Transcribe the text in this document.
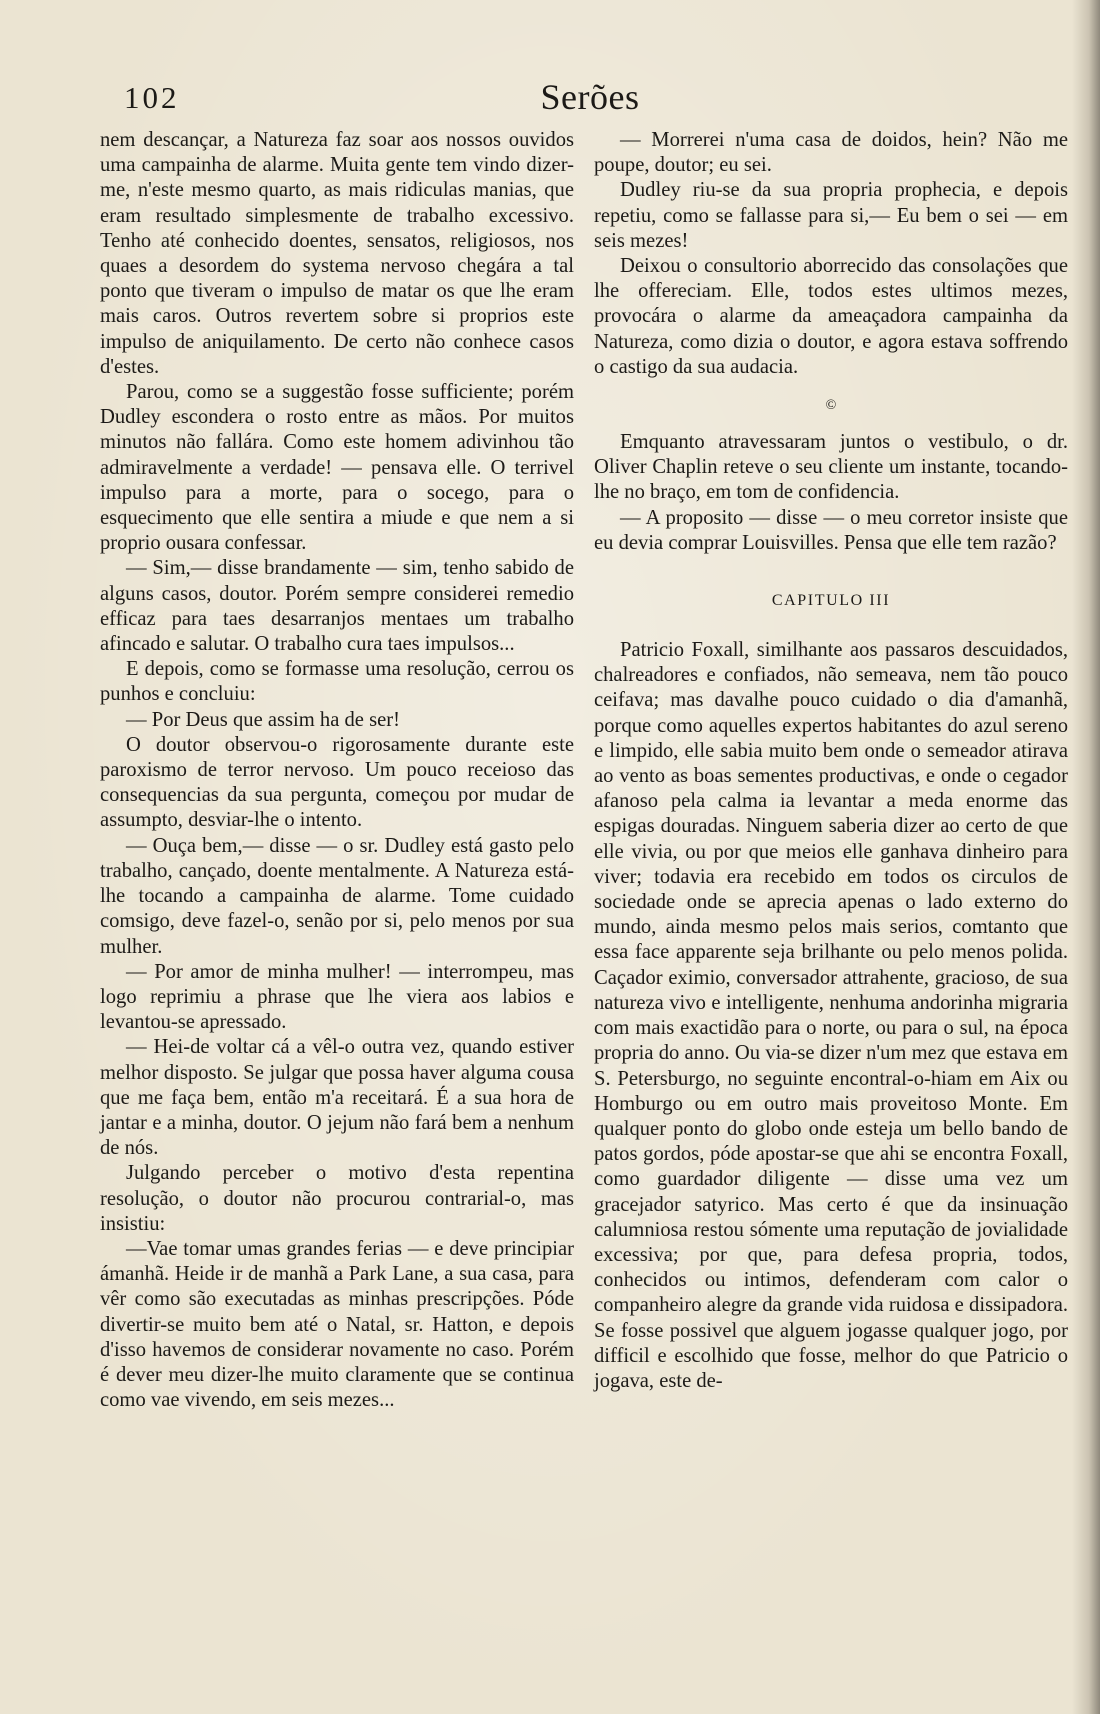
102	Serões

nem descançar, a Natureza faz soar aos nossos ouvidos uma campainha de alarme. Muita gente tem vindo dizer-me, n'este mesmo quarto, as mais ridiculas manias, que eram resultado simplesmente de trabalho excessivo. Tenho até conhecido doentes, sensatos, religiosos, nos quaes a desordem do systema nervoso chegára a tal ponto que tiveram o impulso de matar os que lhe eram mais caros. Outros revertem sobre si proprios este impulso de aniquilamento. De certo não conhece casos d'estes.

Parou, como se a suggestão fosse sufficiente; porém Dudley escondera o rosto entre as mãos. Por muitos minutos não fallára. Como este homem adivinhou tão admiravelmente a verdade! — pensava elle. O terrivel impulso para a morte, para o socego, para o esquecimento que elle sentira a miude e que nem a si proprio ousara confessar.

— Sim,— disse brandamente — sim, tenho sabido de alguns casos, doutor. Porém sempre considerei remedio efficaz para taes desarranjos mentaes um trabalho afincado e salutar. O trabalho cura taes impulsos...

E depois, como se formasse uma resolução, cerrou os punhos e concluiu:

— Por Deus que assim ha de ser!

O doutor observou-o rigorosamente durante este paroxismo de terror nervoso. Um pouco receioso das consequencias da sua pergunta, começou por mudar de assumpto, desviar-lhe o intento.

— Ouça bem,— disse — o sr. Dudley está gasto pelo trabalho, cançado, doente mentalmente. A Natureza está-lhe tocando a campainha de alarme. Tome cuidado comsigo, deve fazel-o, senão por si, pelo menos por sua mulher.

— Por amor de minha mulher! — interrompeu, mas logo reprimiu a phrase que lhe viera aos labios e levantou-se apressado.

— Hei-de voltar cá a vêl-o outra vez, quando estiver melhor disposto. Se julgar que possa haver alguma cousa que me faça bem, então m'a receitará. É a sua hora de jantar e a minha, doutor. O jejum não fará bem a nenhum de nós.

Julgando perceber o motivo d'esta repentina resolução, o doutor não procurou contrarial-o, mas insistiu:

—Vae tomar umas grandes ferias — e deve principiar ámanhã. Heide ir de manhã a Park Lane, a sua casa, para vêr como são executadas as minhas prescripções. Póde divertir-se muito bem até o Natal, sr. Hatton, e depois d'isso havemos de considerar novamente no caso. Porém é dever meu dizer-lhe muito claramente que se continua como vae vivendo, em seis mezes...

— Morrerei n'uma casa de doidos, hein? Não me poupe, doutor; eu sei.

Dudley riu-se da sua propria prophecia, e depois repetiu, como se fallasse para si,— Eu bem o sei — em seis mezes!

Deixou o consultorio aborrecido das consolações que lhe offereciam. Elle, todos estes ultimos mezes, provocára o alarme da ameaçadora campainha da Natureza, como dizia o doutor, e agora estava soffrendo o castigo da sua audacia.

©

Emquanto atravessaram juntos o vestibulo, o dr. Oliver Chaplin reteve o seu cliente um instante, tocando-lhe no braço, em tom de confidencia.

— A proposito — disse — o meu corretor insiste que eu devia comprar Louisvilles. Pensa que elle tem razão?

CAPITULO III

Patricio Foxall, similhante aos passaros descuidados, chalreadores e confiados, não semeava, nem tão pouco ceifava; mas davalhe pouco cuidado o dia d'amanhã, porque como aquelles expertos habitantes do azul sereno e limpido, elle sabia muito bem onde o semeador atirava ao vento as boas sementes productivas, e onde o cegador afanoso pela calma ia levantar a meda enorme das espigas douradas. Ninguem saberia dizer ao certo de que elle vivia, ou por que meios elle ganhava dinheiro para viver; todavia era recebido em todos os circulos de sociedade onde se aprecia apenas o lado externo do mundo, ainda mesmo pelos mais serios, comtanto que essa face apparente seja brilhante ou pelo menos polida. Caçador eximio, conversador attrahente, gracioso, de sua natureza vivo e intelligente, nenhuma andorinha migraria com mais exactidão para o norte, ou para o sul, na época propria do anno. Ou via-se dizer n'um mez que estava em S. Petersburgo, no seguinte encontral-o-hiam em Aix ou Homburgo ou em outro mais proveitoso Monte. Em qualquer ponto do globo onde esteja um bello bando de patos gordos, póde apostar-se que ahi se encontra Foxall, como guardador diligente — disse uma vez um gracejador satyrico. Mas certo é que da insinuação calumniosa restou sómente uma reputação de jovialidade excessiva; por que, para defesa propria, todos, conhecidos ou intimos, defenderam com calor o companheiro alegre da grande vida ruidosa e dissipadora. Se fosse possivel que alguem jogasse qualquer jogo, por difficil e escolhido que fosse, melhor do que Patricio o jogava, este de-
